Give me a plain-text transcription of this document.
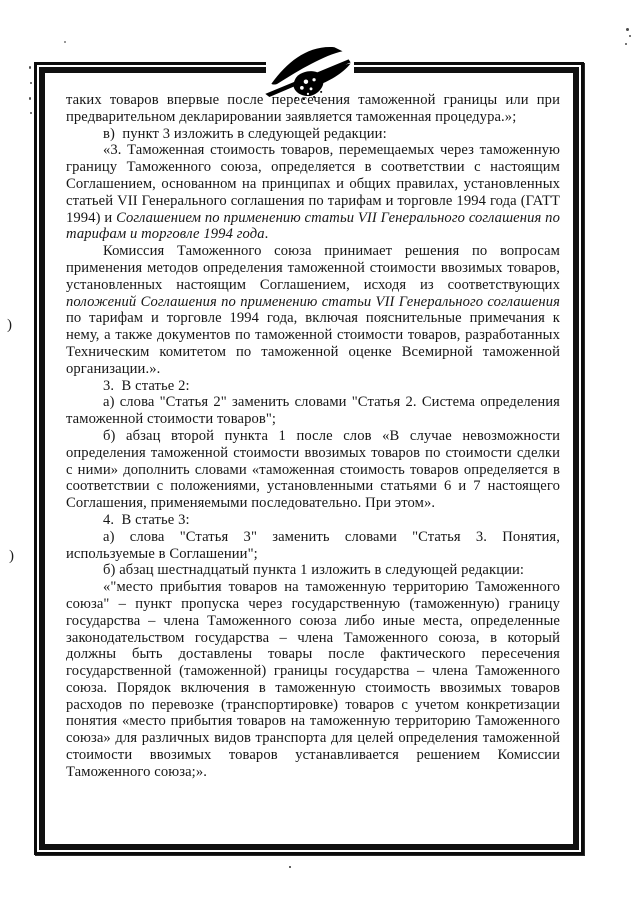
таких товаров впервые после пересечения таможенной границы или при предварительном декларировании заявляется таможенная процедура.»;

в) пункт 3 изложить в следующей редакции:

«3. Таможенная стоимость товаров, перемещаемых через таможенную границу Таможенного союза, определяется в соответствии с настоящим Соглашением, основанном на принципах и общих правилах, установленных статьей VII Генерального соглашения по тарифам и торговле 1994 года (ГАТТ 1994) и Соглашением по применению статьи VII Генерального соглашения по тарифам и торговле 1994 года.

Комиссия Таможенного союза принимает решения по вопросам применения методов определения таможенной стоимости ввозимых товаров, установленных настоящим Соглашением, исходя из соответствующих положений Соглашения по применению статьи VII Генерального соглашения по тарифам и торговле 1994 года, включая пояснительные примечания к нему, а также документов по таможенной стоимости товаров, разработанных Техническим комитетом по таможенной оценке Всемирной таможенной организации.».

3. В статье 2:

а) слова "Статья 2" заменить словами "Статья 2. Система определения таможенной стоимости товаров";

б) абзац второй пункта 1 после слов «В случае невозможности определения таможенной стоимости ввозимых товаров по стоимости сделки с ними» дополнить словами «таможенная стоимость товаров определяется в соответствии с положениями, установленными статьями 6 и 7 настоящего Соглашения, применяемыми последовательно. При этом».

4. В статье 3:

а) слова "Статья 3" заменить словами "Статья 3. Понятия, используемые в Соглашении";

б) абзац шестнадцатый пункта 1 изложить в следующей редакции:

«"место прибытия товаров на таможенную территорию Таможенного союза" – пункт пропуска через государственную (таможенную) границу государства – члена Таможенного союза либо иные места, определенные законодательством государства – члена Таможенного союза, в который должны быть доставлены товары после фактического пересечения государственной (таможенной) границы государства – члена Таможенного союза. Порядок включения в таможенную стоимость ввозимых товаров расходов по перевозке (транспортировке) товаров с учетом конкретизации понятия «место прибытия товаров на таможенную территорию Таможенного союза» для различных видов транспорта для целей определения таможенной стоимости ввозимых товаров устанавливается решением Комиссии Таможенного союза;».

)
)
